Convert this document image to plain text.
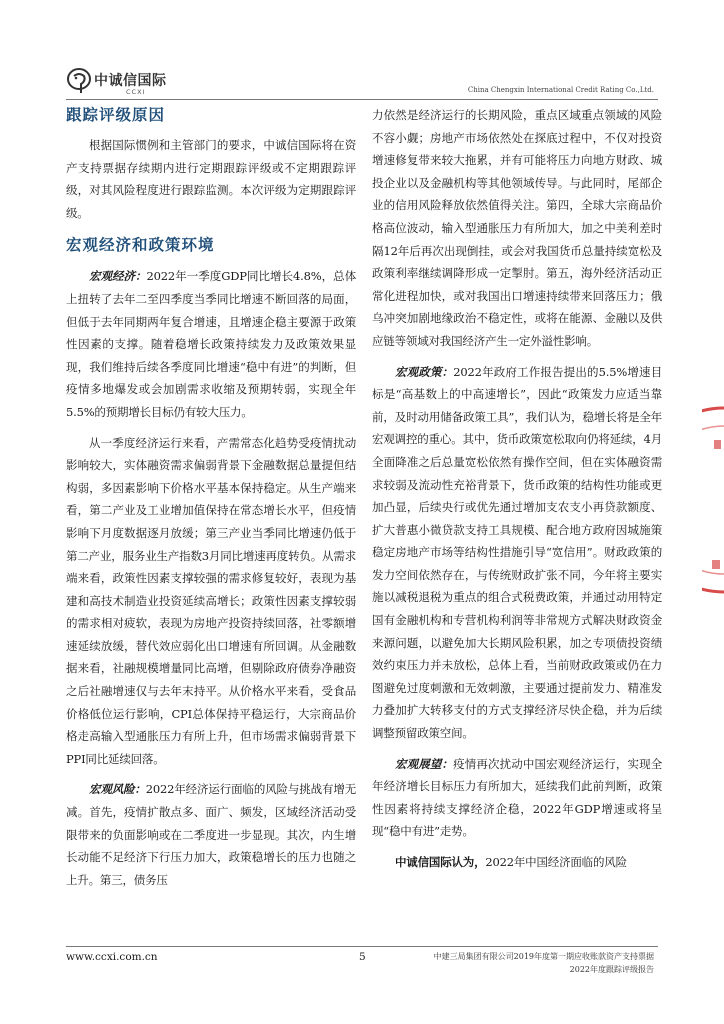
中诚信国际
CCXI	China Chengxin International Credit Rating Co.,Ltd.
跟踪评级原因

根据国际惯例和主管部门的要求，中诚信国际将在资产支持票据存续期内进行定期跟踪评级或不定期跟踪评级，对其风险程度进行跟踪监测。本次评级为定期跟踪评级。

宏观经济和政策环境

宏观经济：2022年一季度GDP同比增长4.8%，总体上扭转了去年二至四季度当季同比增速不断回落的局面，但低于去年同期两年复合增速，且增速企稳主要源于政策性因素的支撑。随着稳增长政策持续发力及政策效果显现，我们维持后续各季度同比增速“稳中有进”的判断，但疫情多地爆发或会加剧需求收缩及预期转弱，实现全年5.5%的预期增长目标仍有较大压力。

从一季度经济运行来看，产需常态化趋势受疫情扰动影响较大，实体融资需求偏弱背景下金融数据总量提但结构弱，多因素影响下价格水平基本保持稳定。从生产端来看，第二产业及工业增加值保持在常态增长水平，但疫情影响下月度数据逐月放缓；第三产业当季同比增速仍低于第二产业，服务业生产指数3月同比增速再度转负。从需求端来看，政策性因素支撑较强的需求修复较好，表现为基建和高技术制造业投资延续高增长；政策性因素支撑较弱的需求相对疲软，表现为房地产投资持续回落，社零额增速延续放缓，替代效应弱化出口增速有所回调。从金融数据来看，社融规模增量同比高增，但剔除政府债券净融资之后社融增速仅与去年末持平。从价格水平来看，受食品价格低位运行影响，CPI总体保持平稳运行，大宗商品价格走高输入型通胀压力有所上升，但市场需求偏弱背景下PPI同比延续回落。

宏观风险：2022年经济运行面临的风险与挑战有增无减。首先，疫情扩散点多、面广、频发，区域经济活动受限带来的负面影响或在二季度进一步显现。其次，内生增长动能不足经济下行压力加大，政策稳增长的压力也随之上升。第三，债务压

力依然是经济运行的长期风险，重点区域重点领域的风险不容小觑；房地产市场依然处在探底过程中，不仅对投资增速修复带来较大拖累，并有可能将压力向地方财政、城投企业以及金融机构等其他领域传导。与此同时，尾部企业的信用风险释放依然值得关注。第四，全球大宗商品价格高位波动，输入型通胀压力有所加大，加之中美利差时隔12年后再次出现倒挂，或会对我国货币总量持续宽松及政策利率继续调降形成一定掣肘。第五，海外经济活动正常化进程加快，或对我国出口增速持续带来回落压力；俄乌冲突加剧地缘政治不稳定性，或将在能源、金融以及供应链等领域对我国经济产生一定外溢性影响。

宏观政策：2022年政府工作报告提出的5.5%增速目标是“高基数上的中高速增长”，因此“政策发力应适当靠前，及时动用储备政策工具”，我们认为，稳增长将是全年宏观调控的重心。其中，货币政策宽松取向仍将延续，4月全面降准之后总量宽松依然有操作空间，但在实体融资需求较弱及流动性充裕背景下，货币政策的结构性功能或更加凸显，后续央行或优先通过增加支农支小再贷款额度、扩大普惠小微贷款支持工具规模、配合地方政府因城施策稳定房地产市场等结构性措施引导“宽信用”。财政政策的发力空间依然存在，与传统财政扩张不同，今年将主要实施以减税退税为重点的组合式税费政策，并通过动用特定国有金融机构和专营机构利润等非常规方式解决财政资金来源问题，以避免加大长期风险积累，加之专项债投资绩效约束压力并未放松，总体上看，当前财政政策或仍在力图避免过度刺激和无效刺激，主要通过提前发力、精准发力叠加扩大转移支付的方式支撑经济尽快企稳，并为后续调整预留政策空间。

宏观展望：疫情再次扰动中国宏观经济运行，实现全年经济增长目标压力有所加大，延续我们此前判断，政策性因素将持续支撑经济企稳，2022年GDP增速或将呈现“稳中有进”走势。

中诚信国际认为，2022年中国经济面临的风险

www.ccxi.com.cn	5	中建三局集团有限公司2019年度第一期应收账款资产支持票据
2022年度跟踪评级报告
